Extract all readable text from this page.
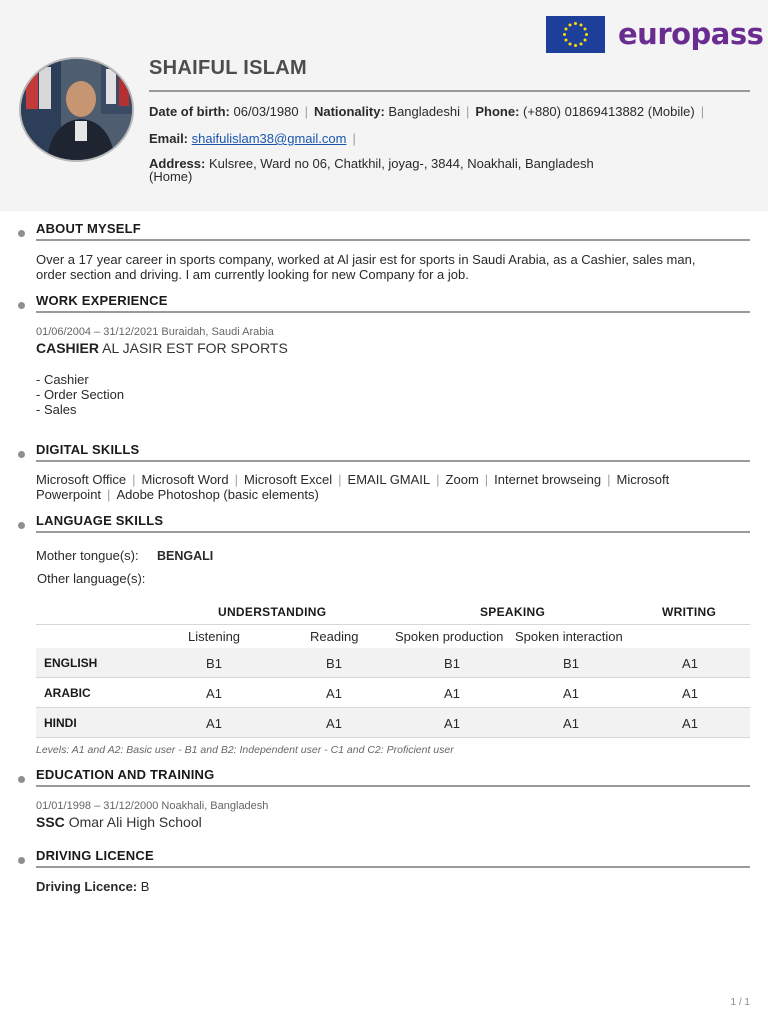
europass
SHAIFUL ISLAM
Date of birth: 06/03/1980 | Nationality: Bangladeshi | Phone: (+880) 01869413882 (Mobile) |
Email: shaifulislam38@gmail.com |
Address: Kulsree, Ward no 06, Chatkhil, joyag-, 3844, Noakhali, Bangladesh
(Home)
ABOUT MYSELF
Over a 17 year career in sports company, worked at Al jasir est for sports in Saudi Arabia, as a Cashier, sales man,
order section and driving. I am currently looking for new Company for a job.
WORK EXPERIENCE
01/06/2004 – 31/12/2021 Buraidah, Saudi Arabia
CASHIER AL JASIR EST FOR SPORTS
- Cashier
- Order Section
- Sales
DIGITAL SKILLS
Microsoft Office | Microsoft Word | Microsoft Excel | EMAIL GMAIL | Zoom | Internet browseing | Microsoft
Powerpoint | Adobe Photoshop (basic elements)
LANGUAGE SKILLS
Mother tongue(s): BENGALI
Other language(s):
UNDERSTANDING	SPEAKING	WRITING
Listening	Reading	Spoken production Spoken interaction
ENGLISH	B1	B1	B1	B1	A1
ARABIC	A1	A1	A1	A1	A1
HINDI	A1	A1	A1	A1	A1
Levels: A1 and A2: Basic user - B1 and B2: Independent user - C1 and C2: Proficient user
EDUCATION AND TRAINING
01/01/1998 – 31/12/2000 Noakhali, Bangladesh
SSC Omar Ali High School
DRIVING LICENCE
Driving Licence: B
1 / 1
